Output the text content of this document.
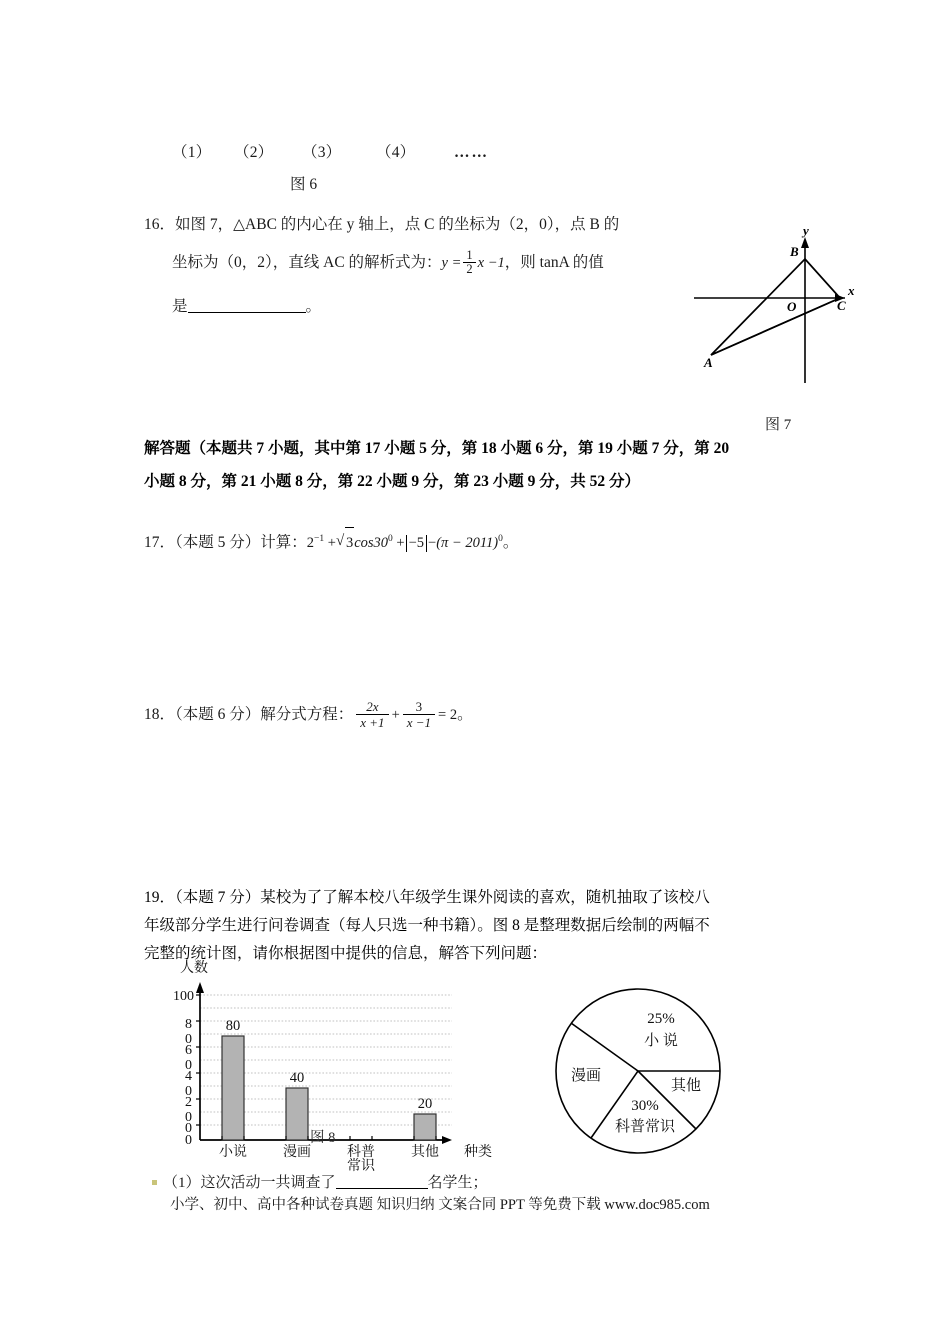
（1） （2） （3） （4） ……
图 6
16．如图 7，△ABC 的内心在 y 轴上，点 C 的坐标为（2，0），点 B 的
坐标为（0，2），直线 AC 的解析式为：$y = \frac{1}{2}$ x −1，则 tanA 的值
是	。
y
x
B
C
A
O
图 7
解答题（本题共 7 小题，其中第 17 小题 5 分，第 18 小题 6 分，第 19 小题 7 分，第 20
小题 8 分，第 21 小题 8 分，第 22 小题 9 分，第 23 小题 9 分，共 52 分）
17．（本题 5 分）计算：$2^{-1}$ + √ $3\cos 30^0 + -5 -(\pi - 2011)^0$。
18．（本题 6 分）解分式方程： $\frac{2x}{x +1} + \frac{3}{x -1} = 2$。
19．（本题 7 分）某校为了了解本校八年级学生课外阅读的喜欢，随机抽取了该校八
年级部分学生进行问卷调查（每人只选一种书籍）。图 8 是整理数据后绘制的两幅不
完整的统计图，请你根据图中提供的信息，解答下列问题：
人数
100
8
0
6
0
4
0
2
0
0
0
80
40
20
小说	漫画	科普
常识
其他 种类
图 8
25%
小 说
漫画
30%
科普常识
其他
（1）这次活动一共调查了	名学生；
小学、初中、高中各种试卷真题 知识归纳 文案合同 PPT 等免费下载 www.doc985.com
